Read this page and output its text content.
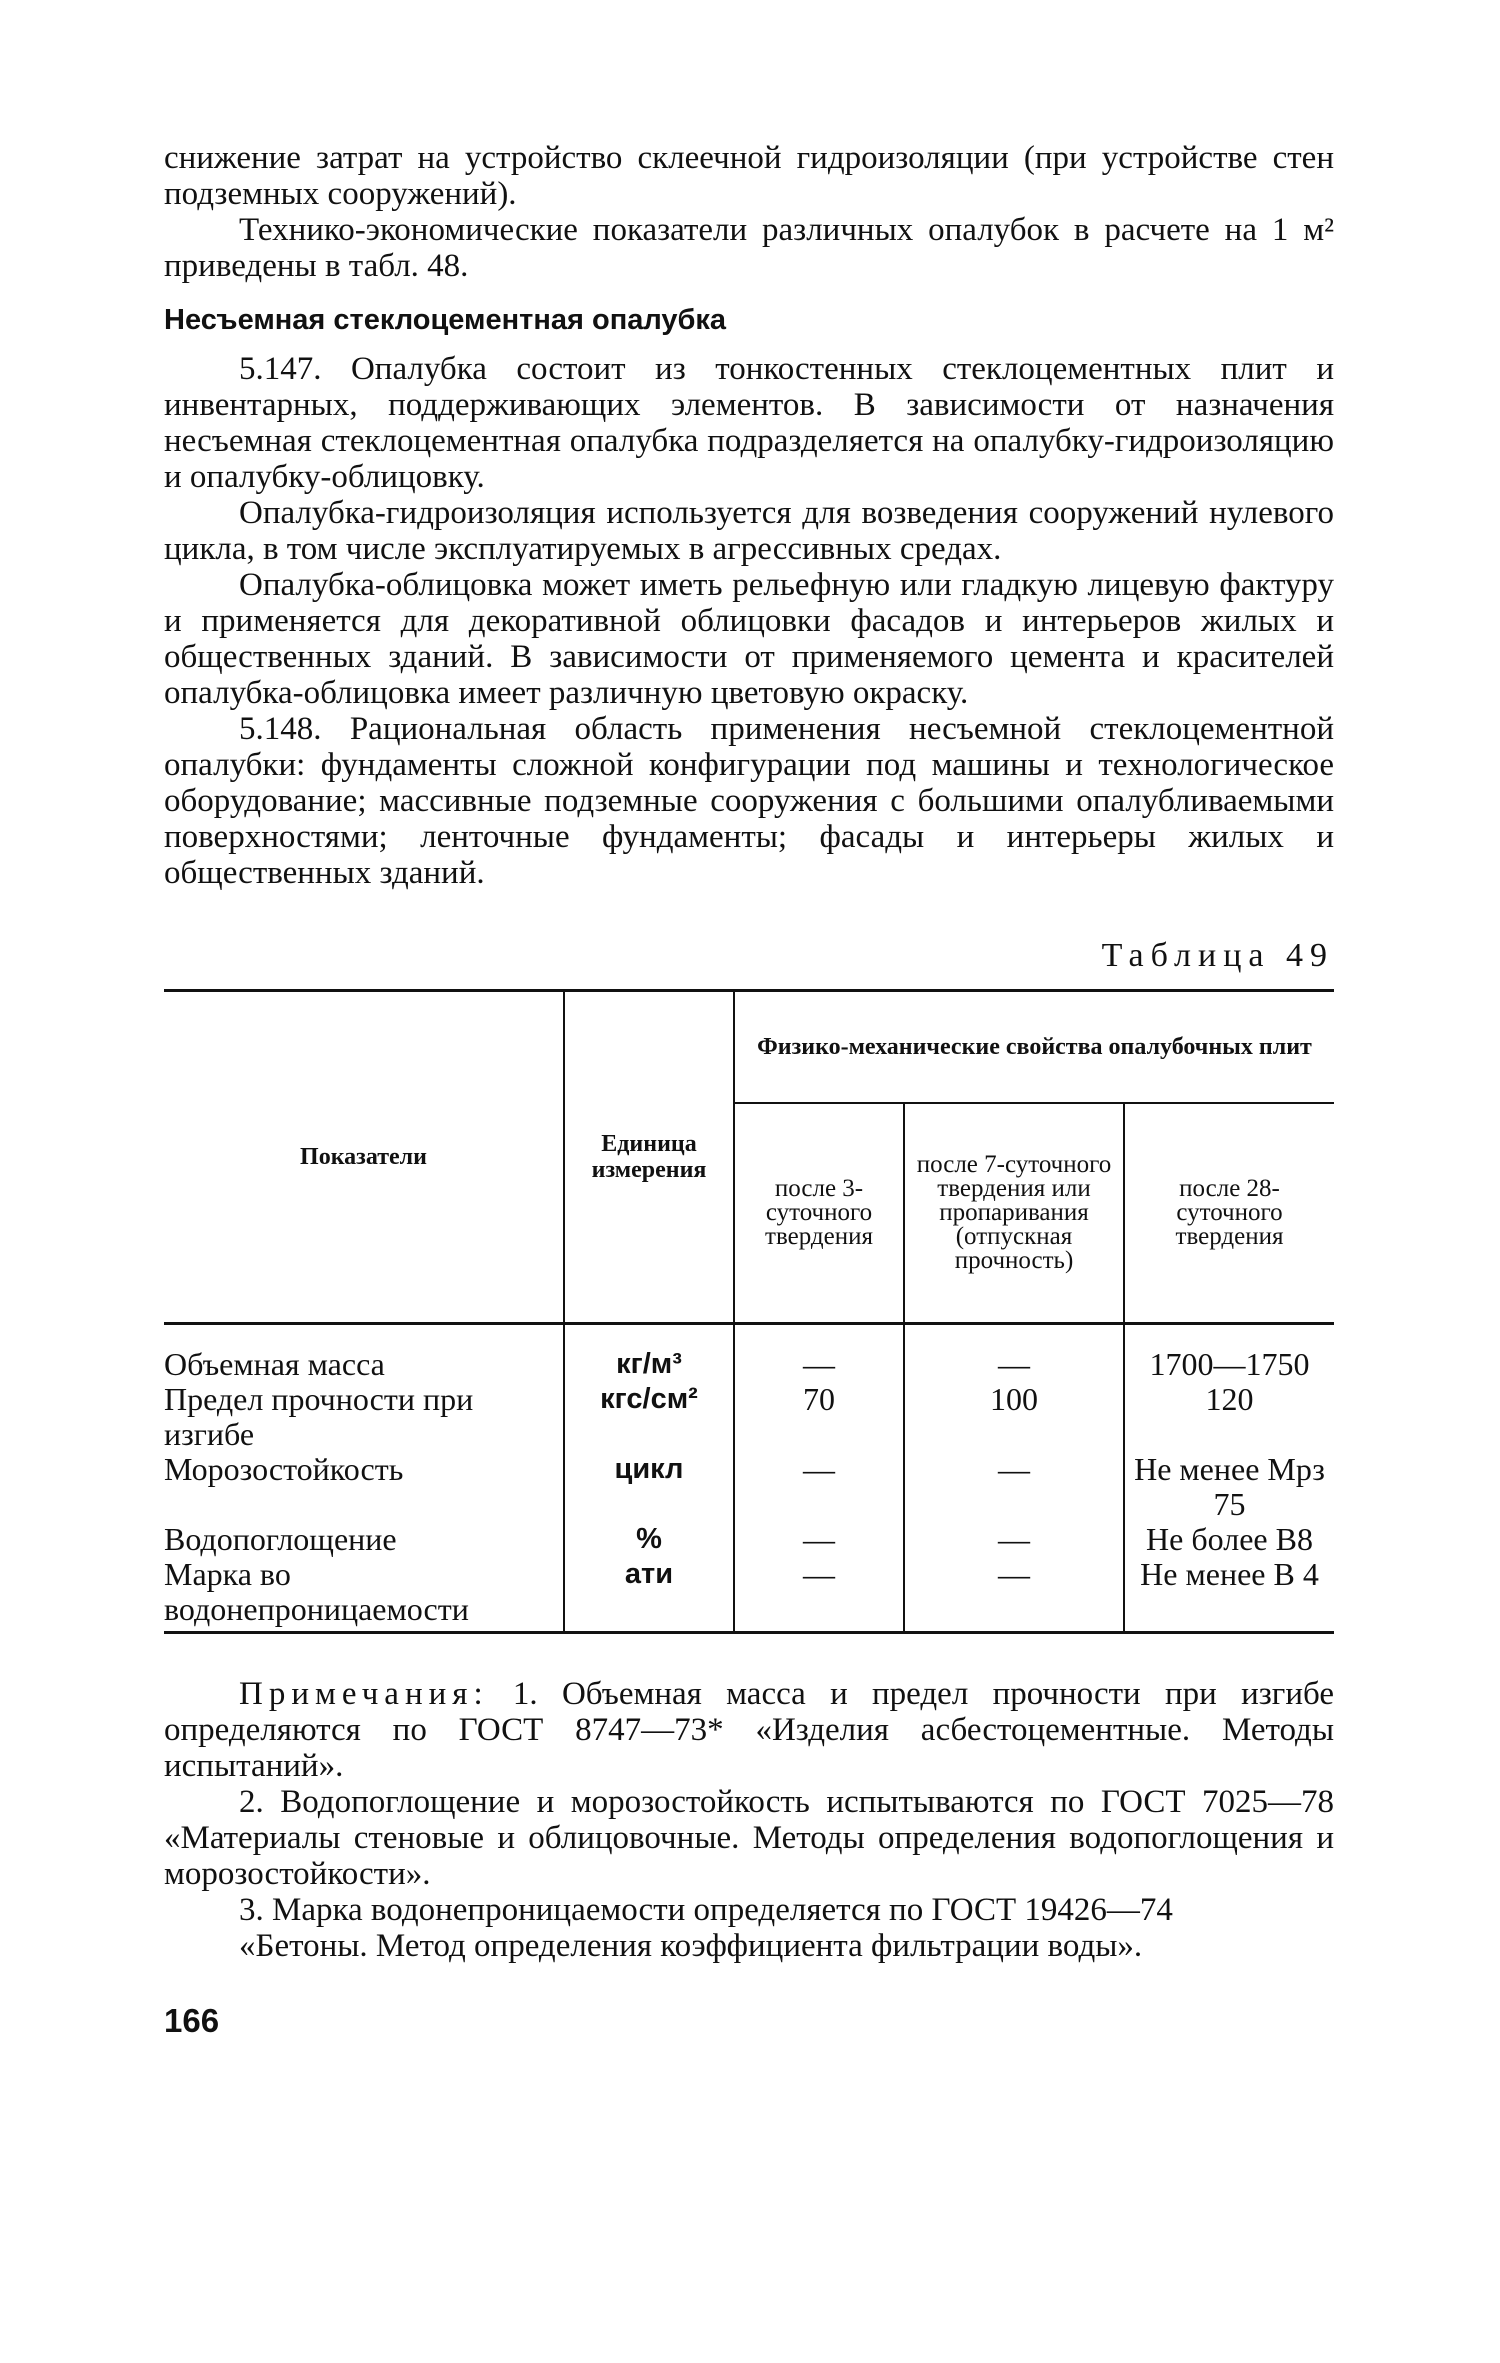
снижение затрат на устройство склеечной гидроизоляции (при устройстве стен подземных сооружений).

Технико-экономические показатели различных опалубок в расчете на 1 м² приведены в табл. 48.

Несъемная стеклоцементная опалубка

5.147. Опалубка состоит из тонкостенных стеклоцементных плит и инвентарных, поддерживающих элементов. В зависимости от назначения несъемная стеклоцементная опалубка подразделяется на опалубку-гидроизоляцию и опалубку-облицовку.

Опалубка-гидроизоляция используется для возведения сооружений нулевого цикла, в том числе эксплуатируемых в агрессивных средах.

Опалубка-облицовка может иметь рельефную или гладкую лицевую фактуру и применяется для декоративной облицовки фасадов и интерьеров жилых и общественных зданий. В зависимости от применяемого цемента и красителей опалубка-облицовка имеет различную цветовую окраску.

5.148. Рациональная область применения несъемной стеклоцементной опалубки: фундаменты сложной конфигурации под машины и технологическое оборудование; массивные подземные сооружения с большими опалубливаемыми поверхностями; ленточные фундаменты; фасады и интерьеры жилых и общественных зданий.

Таблица 49
Показатели	Единица измерения	Физико-механические свойства опалубочных плит		
		после 3-суточного твердения	после 7-суточного твердения или пропаривания (отпускная прочность)	после 28-суточного твердения
Объемная масса	кг/м³	—	—	1700—1750
Предел прочности при изгибе	кгс/см²	70	100	120
Морозостойкость	цикл	—	—	Не менее Мрз 75
Водопоглощение	%	—	—	Не более В8
Марка во водонепроницаемости	ати	—	—	Не менее В 4

Примечания: 1. Объемная масса и предел прочности при изгибе определяются по ГОСТ 8747—73* «Изделия асбестоцементные. Методы испытаний».

2. Водопоглощение и морозостойкость испытываются по ГОСТ 7025—78 «Материалы стеновые и облицовочные. Методы определения водопоглощения и морозостойкости».

3. Марка водонепроницаемости определяется по ГОСТ 19426—74

«Бетоны. Метод определения коэффициента фильтрации воды».

166
